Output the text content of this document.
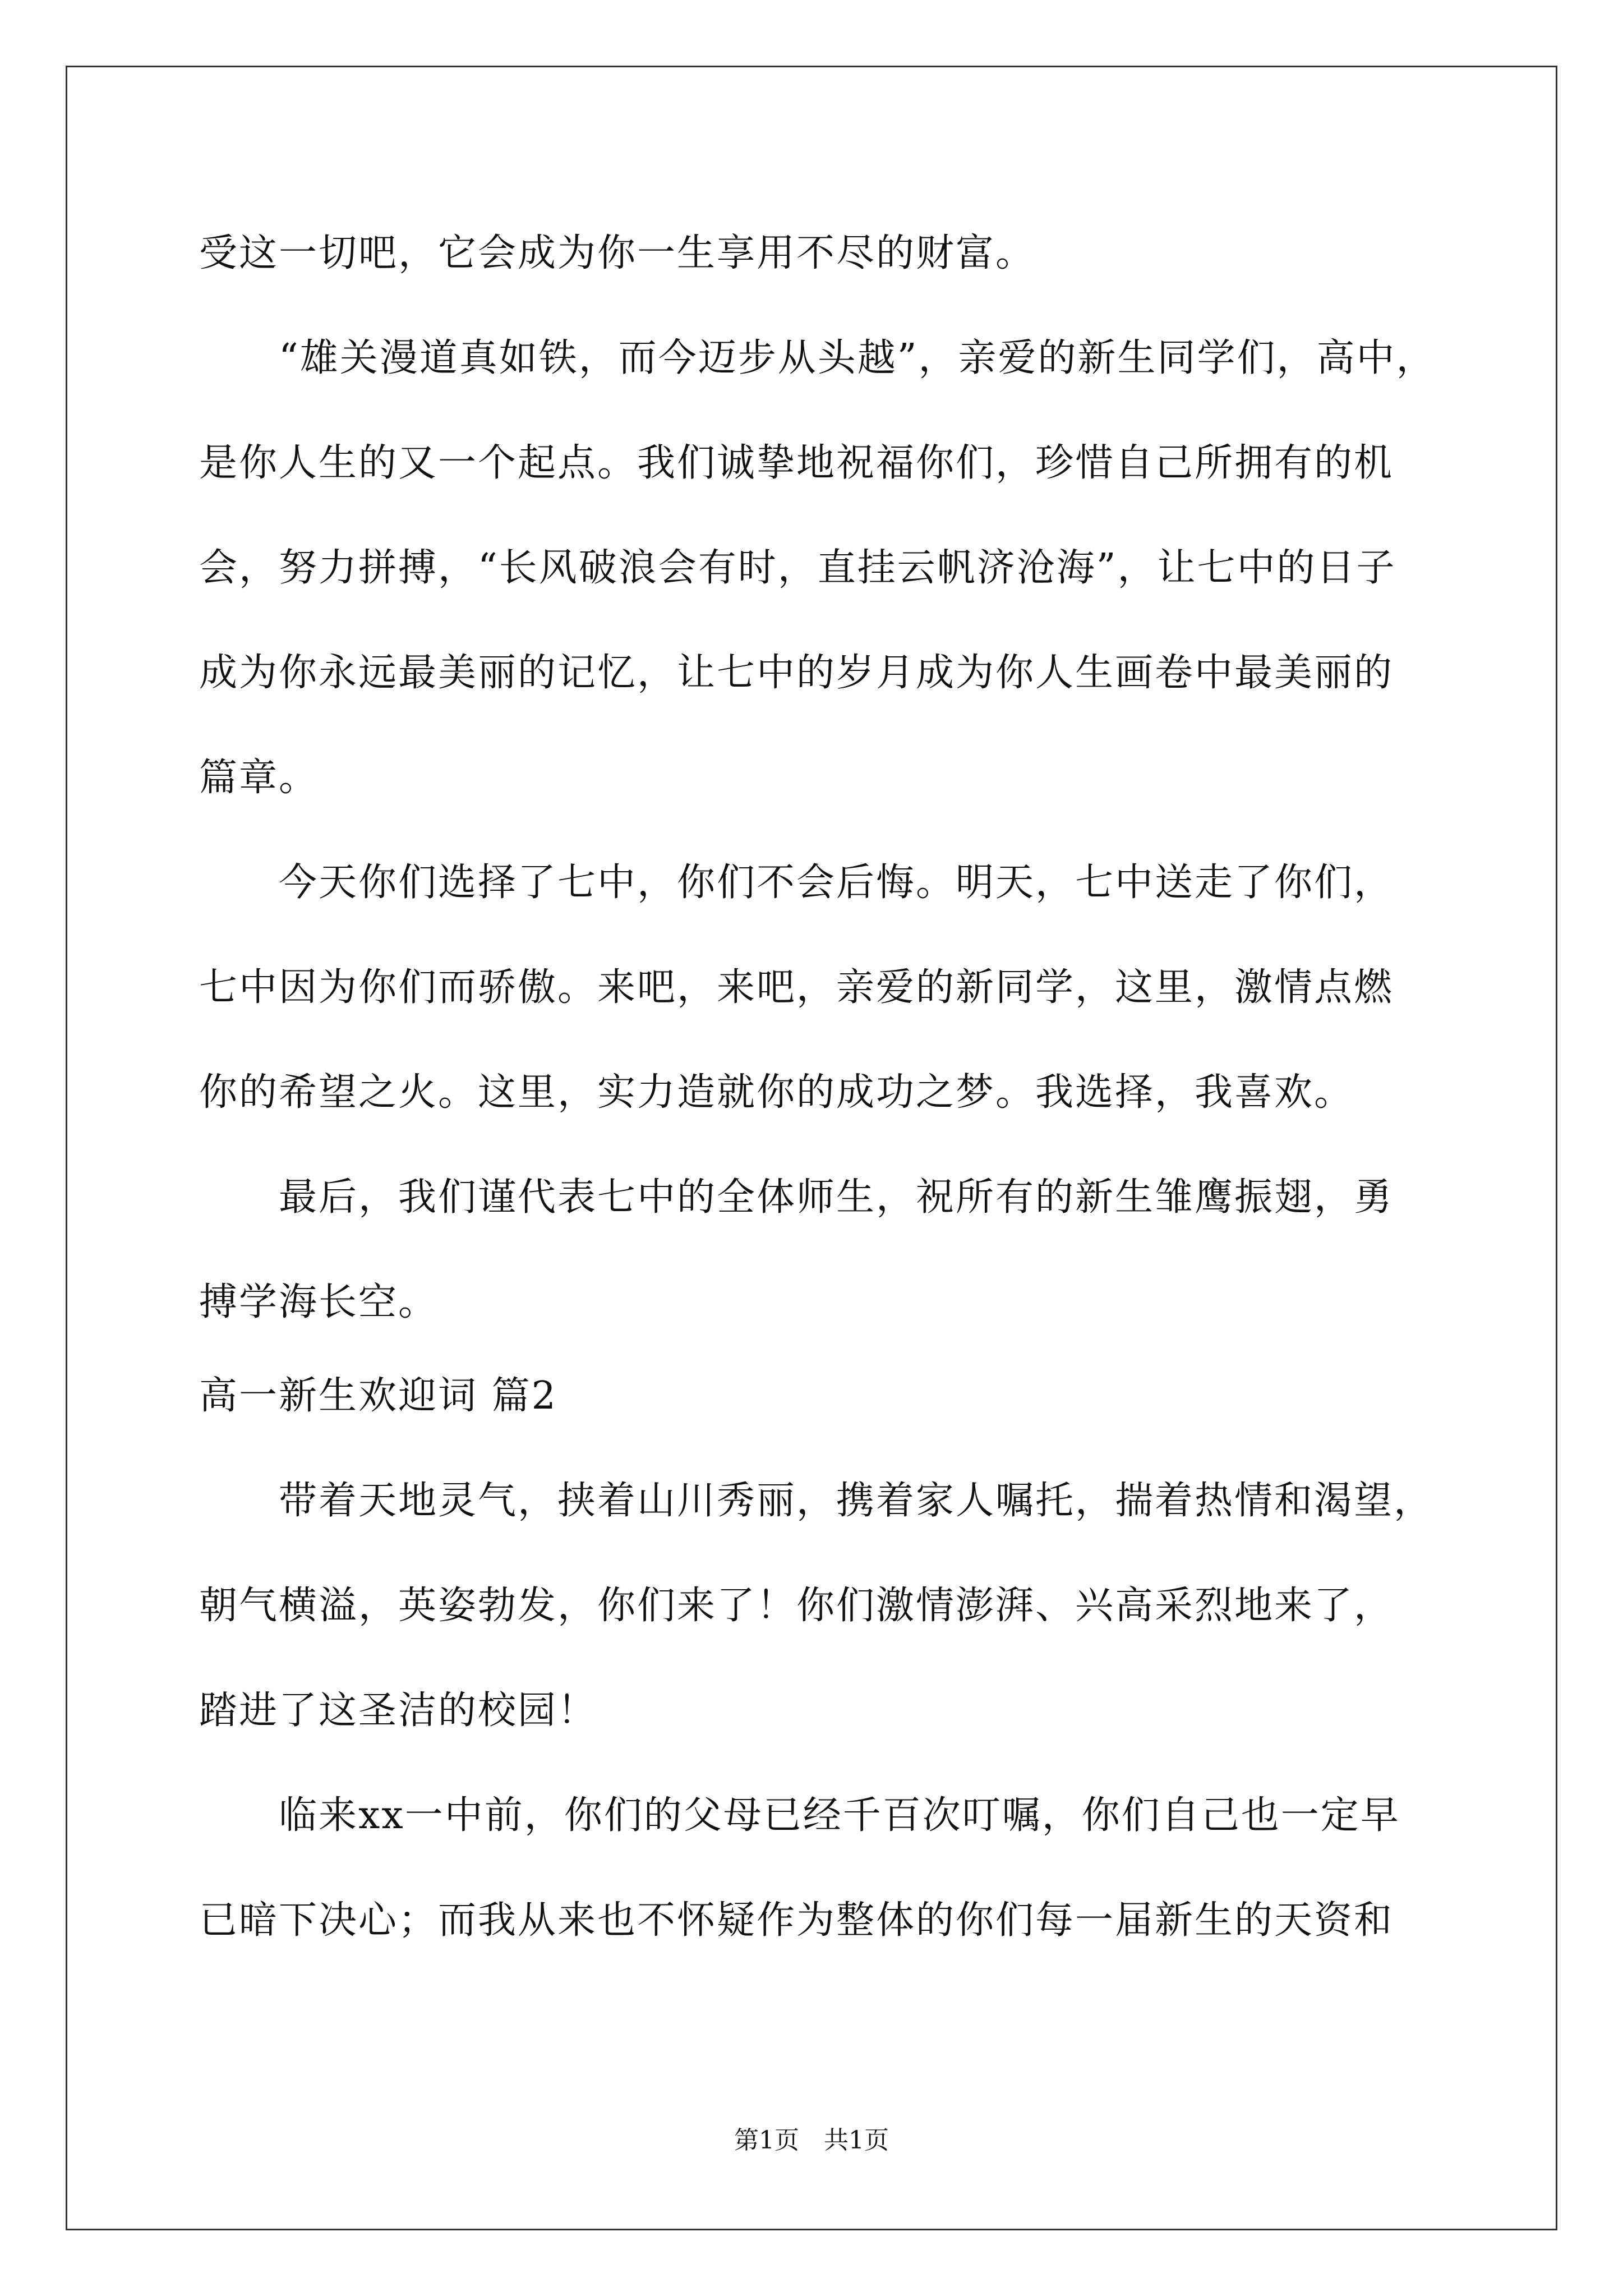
受这一切吧，它会成为你一生享用不尽的财富。
　　“雄关漫道真如铁，而今迈步从头越”，亲爱的新生同学们，高中，
是你人生的又一个起点。我们诚挚地祝福你们，珍惜自己所拥有的机
会，努力拼搏，“长风破浪会有时，直挂云帆济沧海”，让七中的日子
成为你永远最美丽的记忆，让七中的岁月成为你人生画卷中最美丽的
篇章。
　　今天你们选择了七中，你们不会后悔。明天，七中送走了你们，
七中因为你们而骄傲。来吧，来吧，亲爱的新同学，这里，激情点燃
你的希望之火。这里，实力造就你的成功之梦。我选择，我喜欢。
　　最后，我们谨代表七中的全体师生，祝所有的新生雏鹰振翅，勇
搏学海长空。
高一新生欢迎词 篇2
　　带着天地灵气，挟着山川秀丽，携着家人嘱托，揣着热情和渴望，
朝气横溢，英姿勃发，你们来了！你们激情澎湃、兴高采烈地来了，
踏进了这圣洁的校园！
　　临来xx一中前，你们的父母已经千百次叮嘱，你们自己也一定早
已暗下决心；而我从来也不怀疑作为整体的你们每一届新生的天资和
第1页　共1页
